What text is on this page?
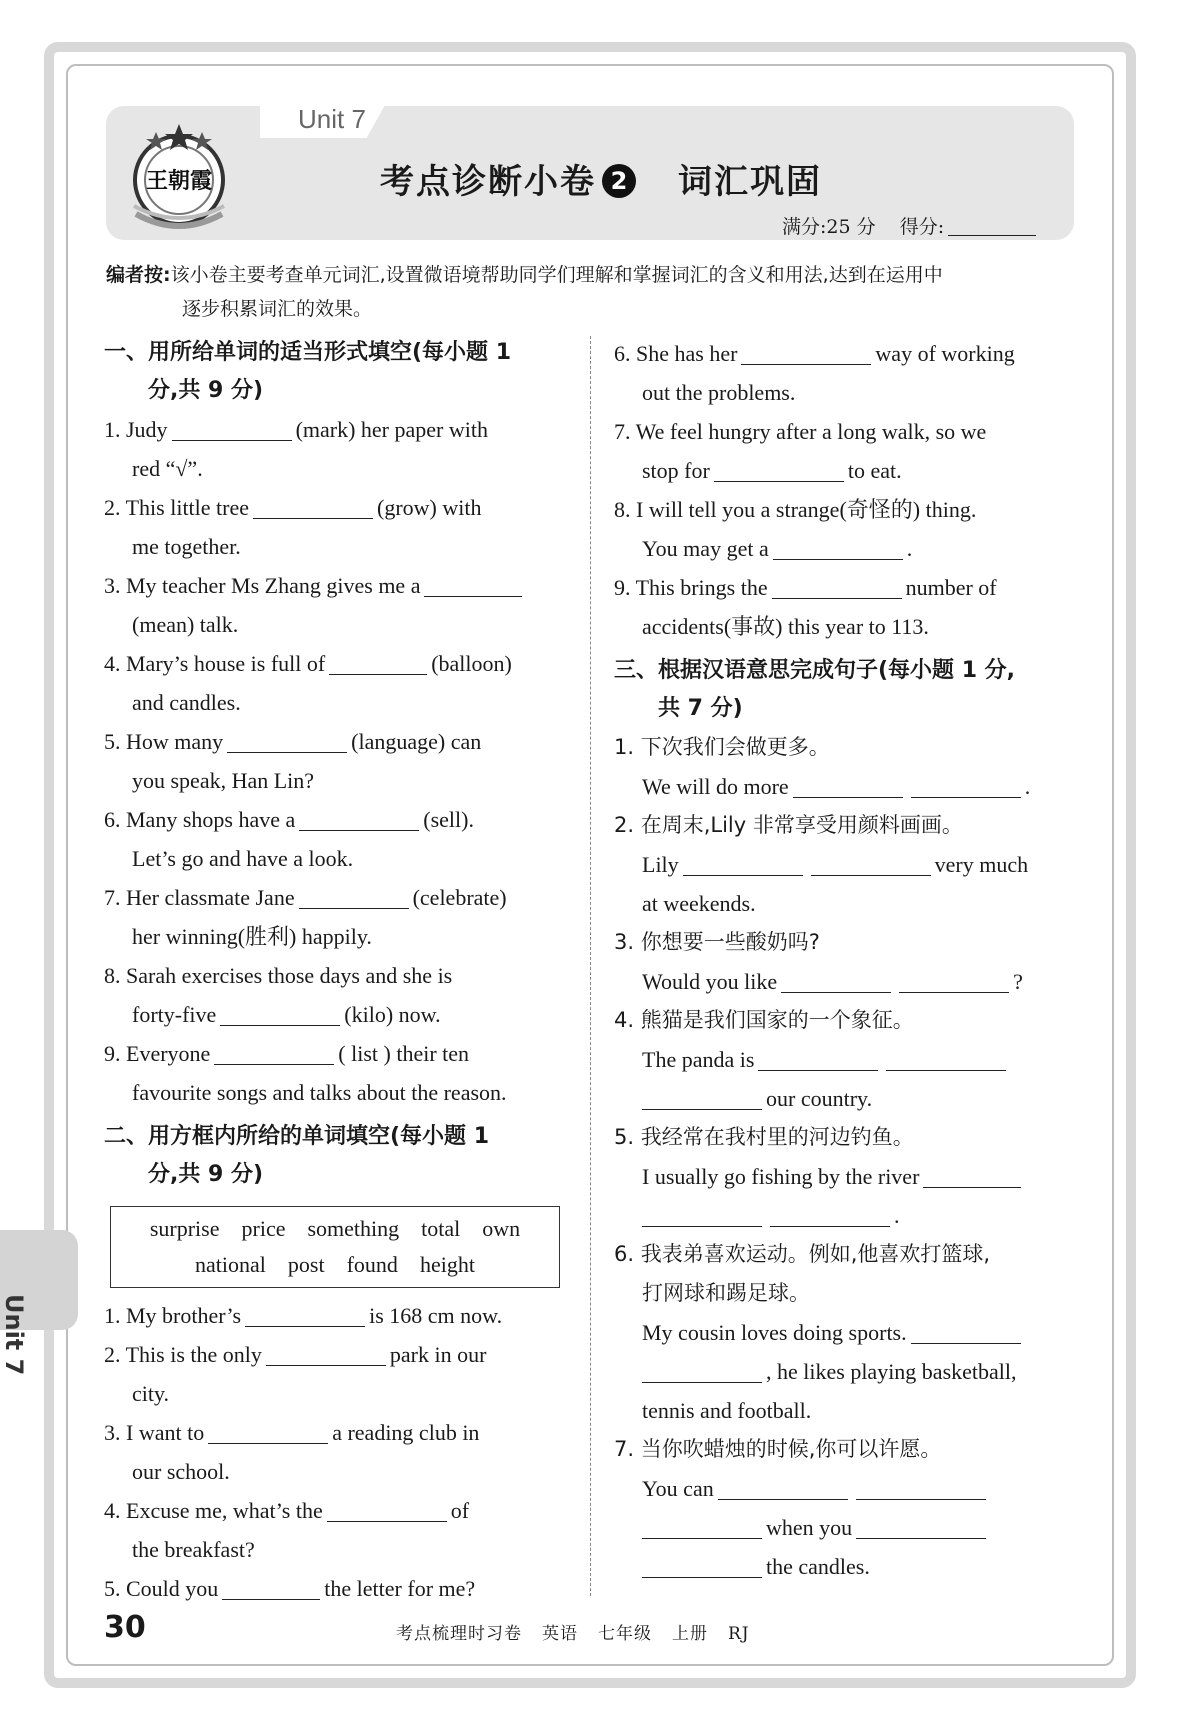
Unit 7
王朝霞	考点诊断小卷 2 词汇巩固
满分:25 分 得分:
编者按:该小卷主要考查单元词汇,设置微语境帮助同学们理解和掌握词汇的含义和用法,达到在运用中
逐步积累词汇的效果。
一、用所给单词的适当形式填空(每小题 1
分,共 9 分)
1. Judy	(mark) her paper with
red “√”.
2. This little tree	(grow) with
me together.
3. My teacher Ms Zhang gives me a
(mean) talk.
4. Mary’s house is full of	(balloon)
and candles.
5. How many	(language) can
you speak, Han Lin?
6. Many shops have a	(sell).
Let’s go and have a look.
7. Her classmate Jane	(celebrate)
her winning(胜利) happily.
8. Sarah exercises those days and she is
forty-five	(kilo) now.
9. Everyone	( list ) their ten
favourite songs and talks about the reason.
二、用方框内所给的单词填空(每小题 1
分,共 9 分)
surprise price something total own
national post found height
1. My brother’s	is 168 cm now.
2. This is the only	park in our
city.
3. I want to	a reading club in
our school.
4. Excuse me, what’s the	of
the breakfast?
5. Could you	the letter for me?
6. She has her	way of working
out the problems.
7. We feel hungry after a long walk, so we
stop for	to eat.
8. I will tell you a strange(奇怪的) thing.
You may get a	.
9. This brings the	number of
accidents(事故) this year to 113.
三、根据汉语意思完成句子(每小题 1 分,
共 7 分)
1. 下次我们会做更多。
We will do more	.
2. 在周末,Lily 非常享受用颜料画画。
Lily	very much
at weekends.
3. 你想要一些酸奶吗?
Would you like	?
4. 熊猫是我们国家的一个象征。
The panda is
our country.
5. 我经常在我村里的河边钓鱼。
I usually go fishing by the river
.
6. 我表弟喜欢运动。例如,他喜欢打篮球,
打网球和踢足球。
My cousin loves doing sports.
, he likes playing basketball,
tennis and football.
7. 当你吹蜡烛的时候,你可以许愿。
You can
when you
the candles.
Unit 7
30	考点梳理时习卷 英语 七年级 上册 RJ
